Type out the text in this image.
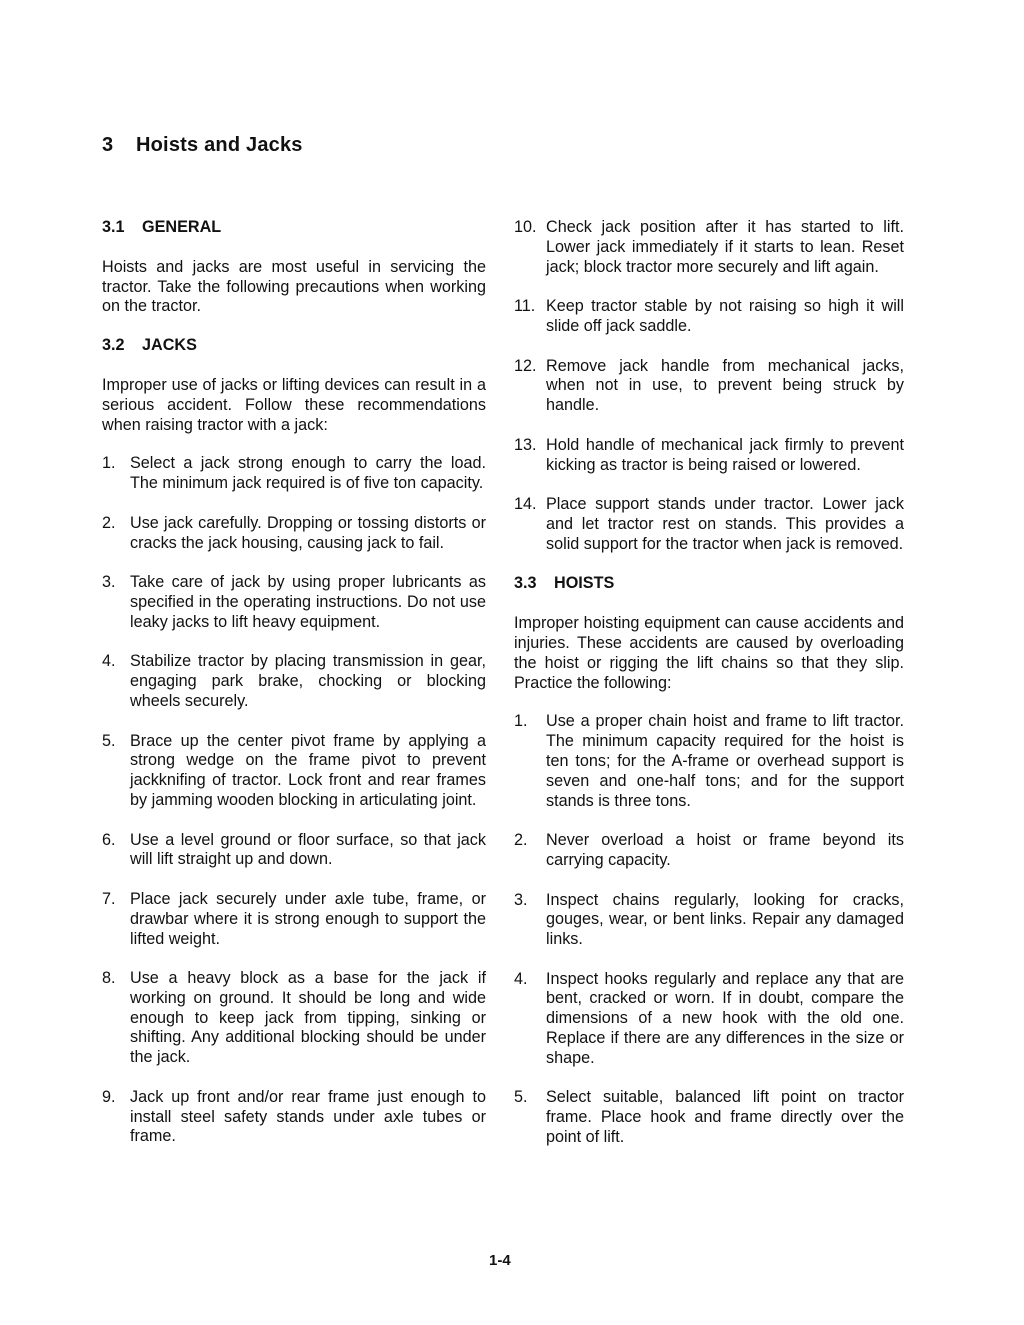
3 Hoists and Jacks
3.1 GENERAL

Hoists and jacks are most useful in servicing the tractor. Take the following precautions when working on the tractor.

3.2 JACKS

Improper use of jacks or lifting devices can result in a serious accident. Follow these recommendations when raising tractor with a jack:

1. Select a jack strong enough to carry the load. The minimum jack required is of five ton capacity.
2. Use jack carefully. Dropping or tossing distorts or cracks the jack housing, causing jack to fail.
3. Take care of jack by using proper lubricants as specified in the operating instructions. Do not use leaky jacks to lift heavy equipment.
4. Stabilize tractor by placing transmission in gear, engaging park brake, chocking or blocking wheels securely.
5. Brace up the center pivot frame by applying a strong wedge on the frame pivot to prevent jackknifing of tractor. Lock front and rear frames by jamming wooden blocking in articulating joint.
6. Use a level ground or floor surface, so that jack will lift straight up and down.
7. Place jack securely under axle tube, frame, or drawbar where it is strong enough to support the lifted weight.
8. Use a heavy block as a base for the jack if working on ground. It should be long and wide enough to keep jack from tipping, sinking or shifting. Any additional blocking should be under the jack.
9. Jack up front and/or rear frame just enough to install steel safety stands under axle tubes or frame.
10. Check jack position after it has started to lift. Lower jack immediately if it starts to lean. Reset jack; block tractor more securely and lift again.
11. Keep tractor stable by not raising so high it will slide off jack saddle.
12. Remove jack handle from mechanical jacks, when not in use, to prevent being struck by handle.
13. Hold handle of mechanical jack firmly to prevent kicking as tractor is being raised or lowered.
14. Place support stands under tractor. Lower jack and let tractor rest on stands. This provides a solid support for the tractor when jack is removed.
3.3 HOISTS

Improper hoisting equipment can cause accidents and injuries. These accidents are caused by overloading the hoist or rigging the lift chains so that they slip. Practice the following:

1.	Use a proper chain hoist and frame to lift tractor. The minimum capacity required for the hoist is ten tons; for the A-frame or overhead support is seven and one-half tons; and for the support stands is three tons.
2.	Never overload a hoist or frame beyond its carrying capacity.
3.	Inspect chains regularly, looking for cracks, gouges, wear, or bent links. Repair any damaged links.
4.	Inspect hooks regularly and replace any that are bent, cracked or worn. If in doubt, compare the dimensions of a new hook with the old one. Replace if there are any differences in the size or shape.
5.	Select suitable, balanced lift point on tractor frame. Place hook and frame directly over the point of lift.
1-4
